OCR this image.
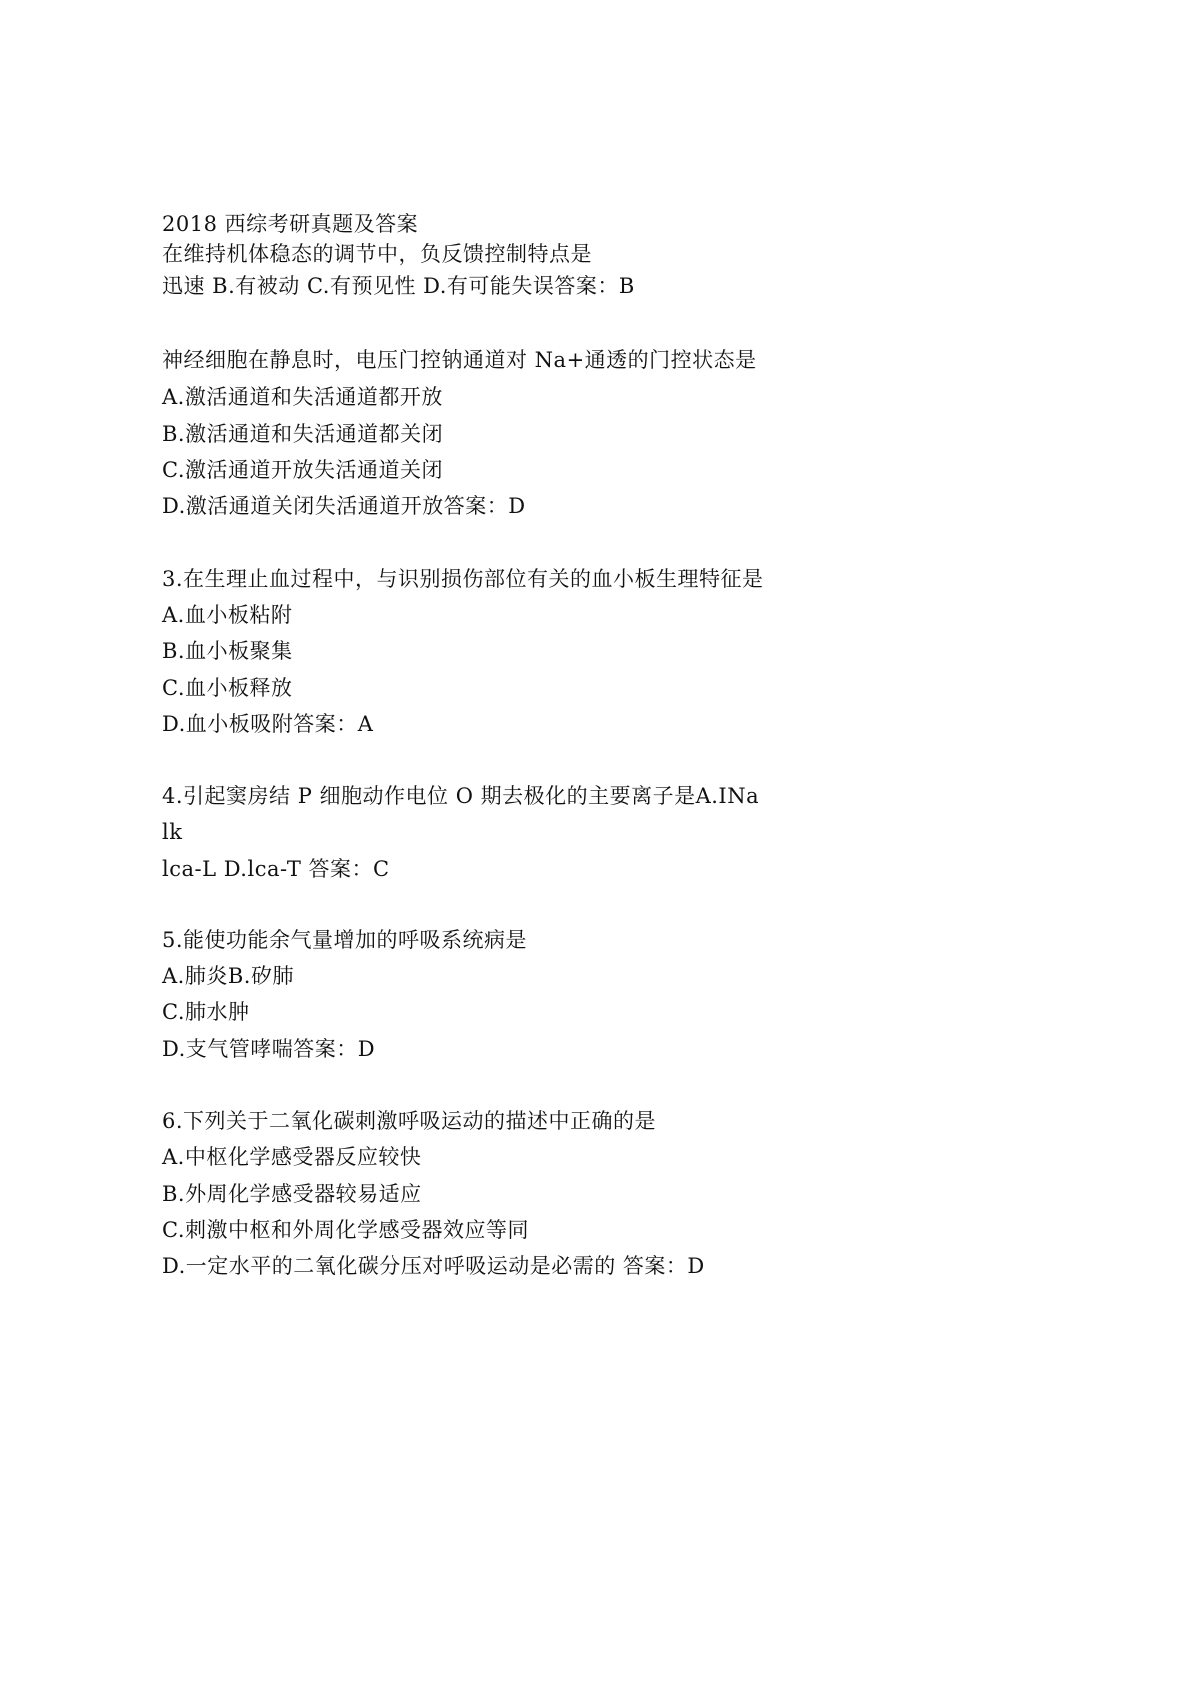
2018 西综考研真题及答案
在维持机体稳态的调节中，负反馈控制特点是
迅速 B.有被动 C.有预见性 D.有可能失误答案：B
神经细胞在静息时，电压门控钠通道对 Na+通透的门控状态是
A.激活通道和失活通道都开放
B.激活通道和失活通道都关闭
C.激活通道开放失活通道关闭
D.激活通道关闭失活通道开放答案：D
3.在生理止血过程中，与识别损伤部位有关的血小板生理特征是
A.血小板粘附
B.血小板聚集
C.血小板释放
D.血小板吸附答案：A
4.引起窦房结 P 细胞动作电位 O 期去极化的主要离子是A.INa
lk
lca-L D.lca-T 答案：C
5.能使功能余气量增加的呼吸系统病是
A.肺炎B.矽肺
C.肺水肿
D.支气管哮喘答案：D
6.下列关于二氧化碳刺激呼吸运动的描述中正确的是
A.中枢化学感受器反应较快
B.外周化学感受器较易适应
C.刺激中枢和外周化学感受器效应等同
D.一定水平的二氧化碳分压对呼吸运动是必需的 答案：D
